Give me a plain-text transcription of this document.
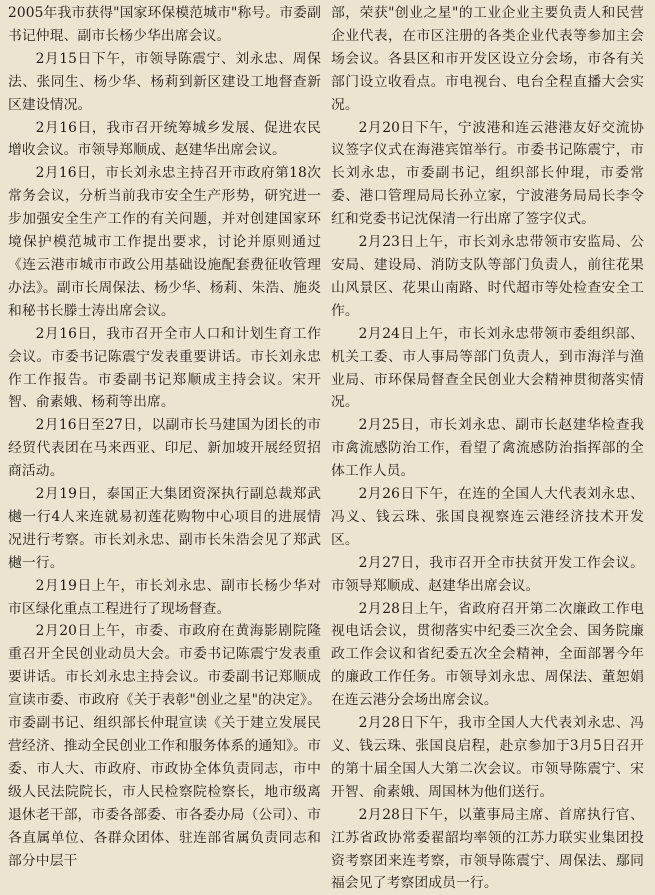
2005年我市获得"国家环保模范城市"称号。市委副书记仲琨、副市长杨少华出席会议。

2月15日下午，市领导陈震宁、刘永忠、周保法、张同生、杨少华、杨莉到新区建设工地督查新区建设情况。

2月16日，我市召开统筹城乡发展、促进农民增收会议。市领导郑顺成、赵建华出席会议。

2月16日，市长刘永忠主持召开市政府第18次常务会议，分析当前我市安全生产形势，研究进一步加强安全生产工作的有关问题，并对创建国家环境保护模范城市工作提出要求，讨论并原则通过《连云港市城市市政公用基础设施配套费征收管理办法》。副市长周保法、杨少华、杨莉、朱浩、施炎和秘书长滕士涛出席会议。

2月16日，我市召开全市人口和计划生育工作会议。市委书记陈震宁发表重要讲话。市长刘永忠作工作报告。市委副书记郑顺成主持会议。宋开智、俞素娥、杨莉等出席。

2月16日至27日，以副市长马建国为团长的市经贸代表团在马来西亚、印尼、新加坡开展经贸招商活动。

2月19日，泰国正大集团资深执行副总裁郑武樾一行4人来连就易初莲花购物中心项目的进展情况进行考察。市长刘永忠、副市长朱浩会见了郑武樾一行。

2月19日上午，市长刘永忠、副市长杨少华对市区绿化重点工程进行了现场督查。

2月20日上午，市委、市政府在黄海影剧院隆重召开全民创业动员大会。市委书记陈震宁发表重要讲话。市长刘永忠主持会议。市委副书记郑顺成宣读市委、市政府《关于表彰"创业之星"的决定》。市委副书记、组织部长仲琨宣读《关于建立发展民营经济、推动全民创业工作和服务体系的通知》。市委、市人大、市政府、市政协全体负责同志，市中级人民法院院长，市人民检察院检察长，地市级离退休老干部，市委各部委、市各委办局（公司）、市各直属单位、各群众团体、驻连部省属负责同志和部分中层干

部，荣获"创业之星"的工业企业主要负责人和民营企业代表，在市区注册的各类企业代表等参加主会场会议。各县区和市开发区设立分会场，市各有关部门设立收看点。市电视台、电台全程直播大会实况。

2月20日下午，宁波港和连云港港友好交流协议签字仪式在海港宾馆举行。市委书记陈震宁，市长刘永忠，市委副书记，组织部长仲琨，市委常委、港口管理局局长孙立家，宁波港务局局长李令红和党委书记沈保清一行出席了签字仪式。

2月23日上午，市长刘永忠带领市安监局、公安局、建设局、消防支队等部门负责人，前往花果山风景区、花果山南路、时代超市等处检查安全工作。

2月24日上午，市长刘永忠带领市委组织部、机关工委、市人事局等部门负责人，到市海洋与渔业局、市环保局督查全民创业大会精神贯彻落实情况。

2月25日，市长刘永忠、副市长赵建华检查我市禽流感防治工作，看望了禽流感防治指挥部的全体工作人员。

2月26日下午，在连的全国人大代表刘永忠、冯义、钱云珠、张国良视察连云港经济技术开发区。

2月27日，我市召开全市扶贫开发工作会议。市领导郑顺成、赵建华出席会议。

2月28日上午，省政府召开第二次廉政工作电视电话会议，贯彻落实中纪委三次全会、国务院廉政工作会议和省纪委五次全会精神，全面部署今年的廉政工作任务。市领导刘永忠、周保法、董恕娟在连云港分会场出席会议。

2月28日下午，我市全国人大代表刘永忠、冯义、钱云珠、张国良启程，赴京参加于3月5日召开的第十届全国人大第二次会议。市领导陈震宁、宋开智、俞素娥、周国林为他们送行。

2月28日下午，以董事局主席、首席执行官、江苏省政协常委翟韶均率领的江苏力联实业集团投资考察团来连考察，市领导陈震宁、周保法、鄢同福会见了考察团成员一行。
